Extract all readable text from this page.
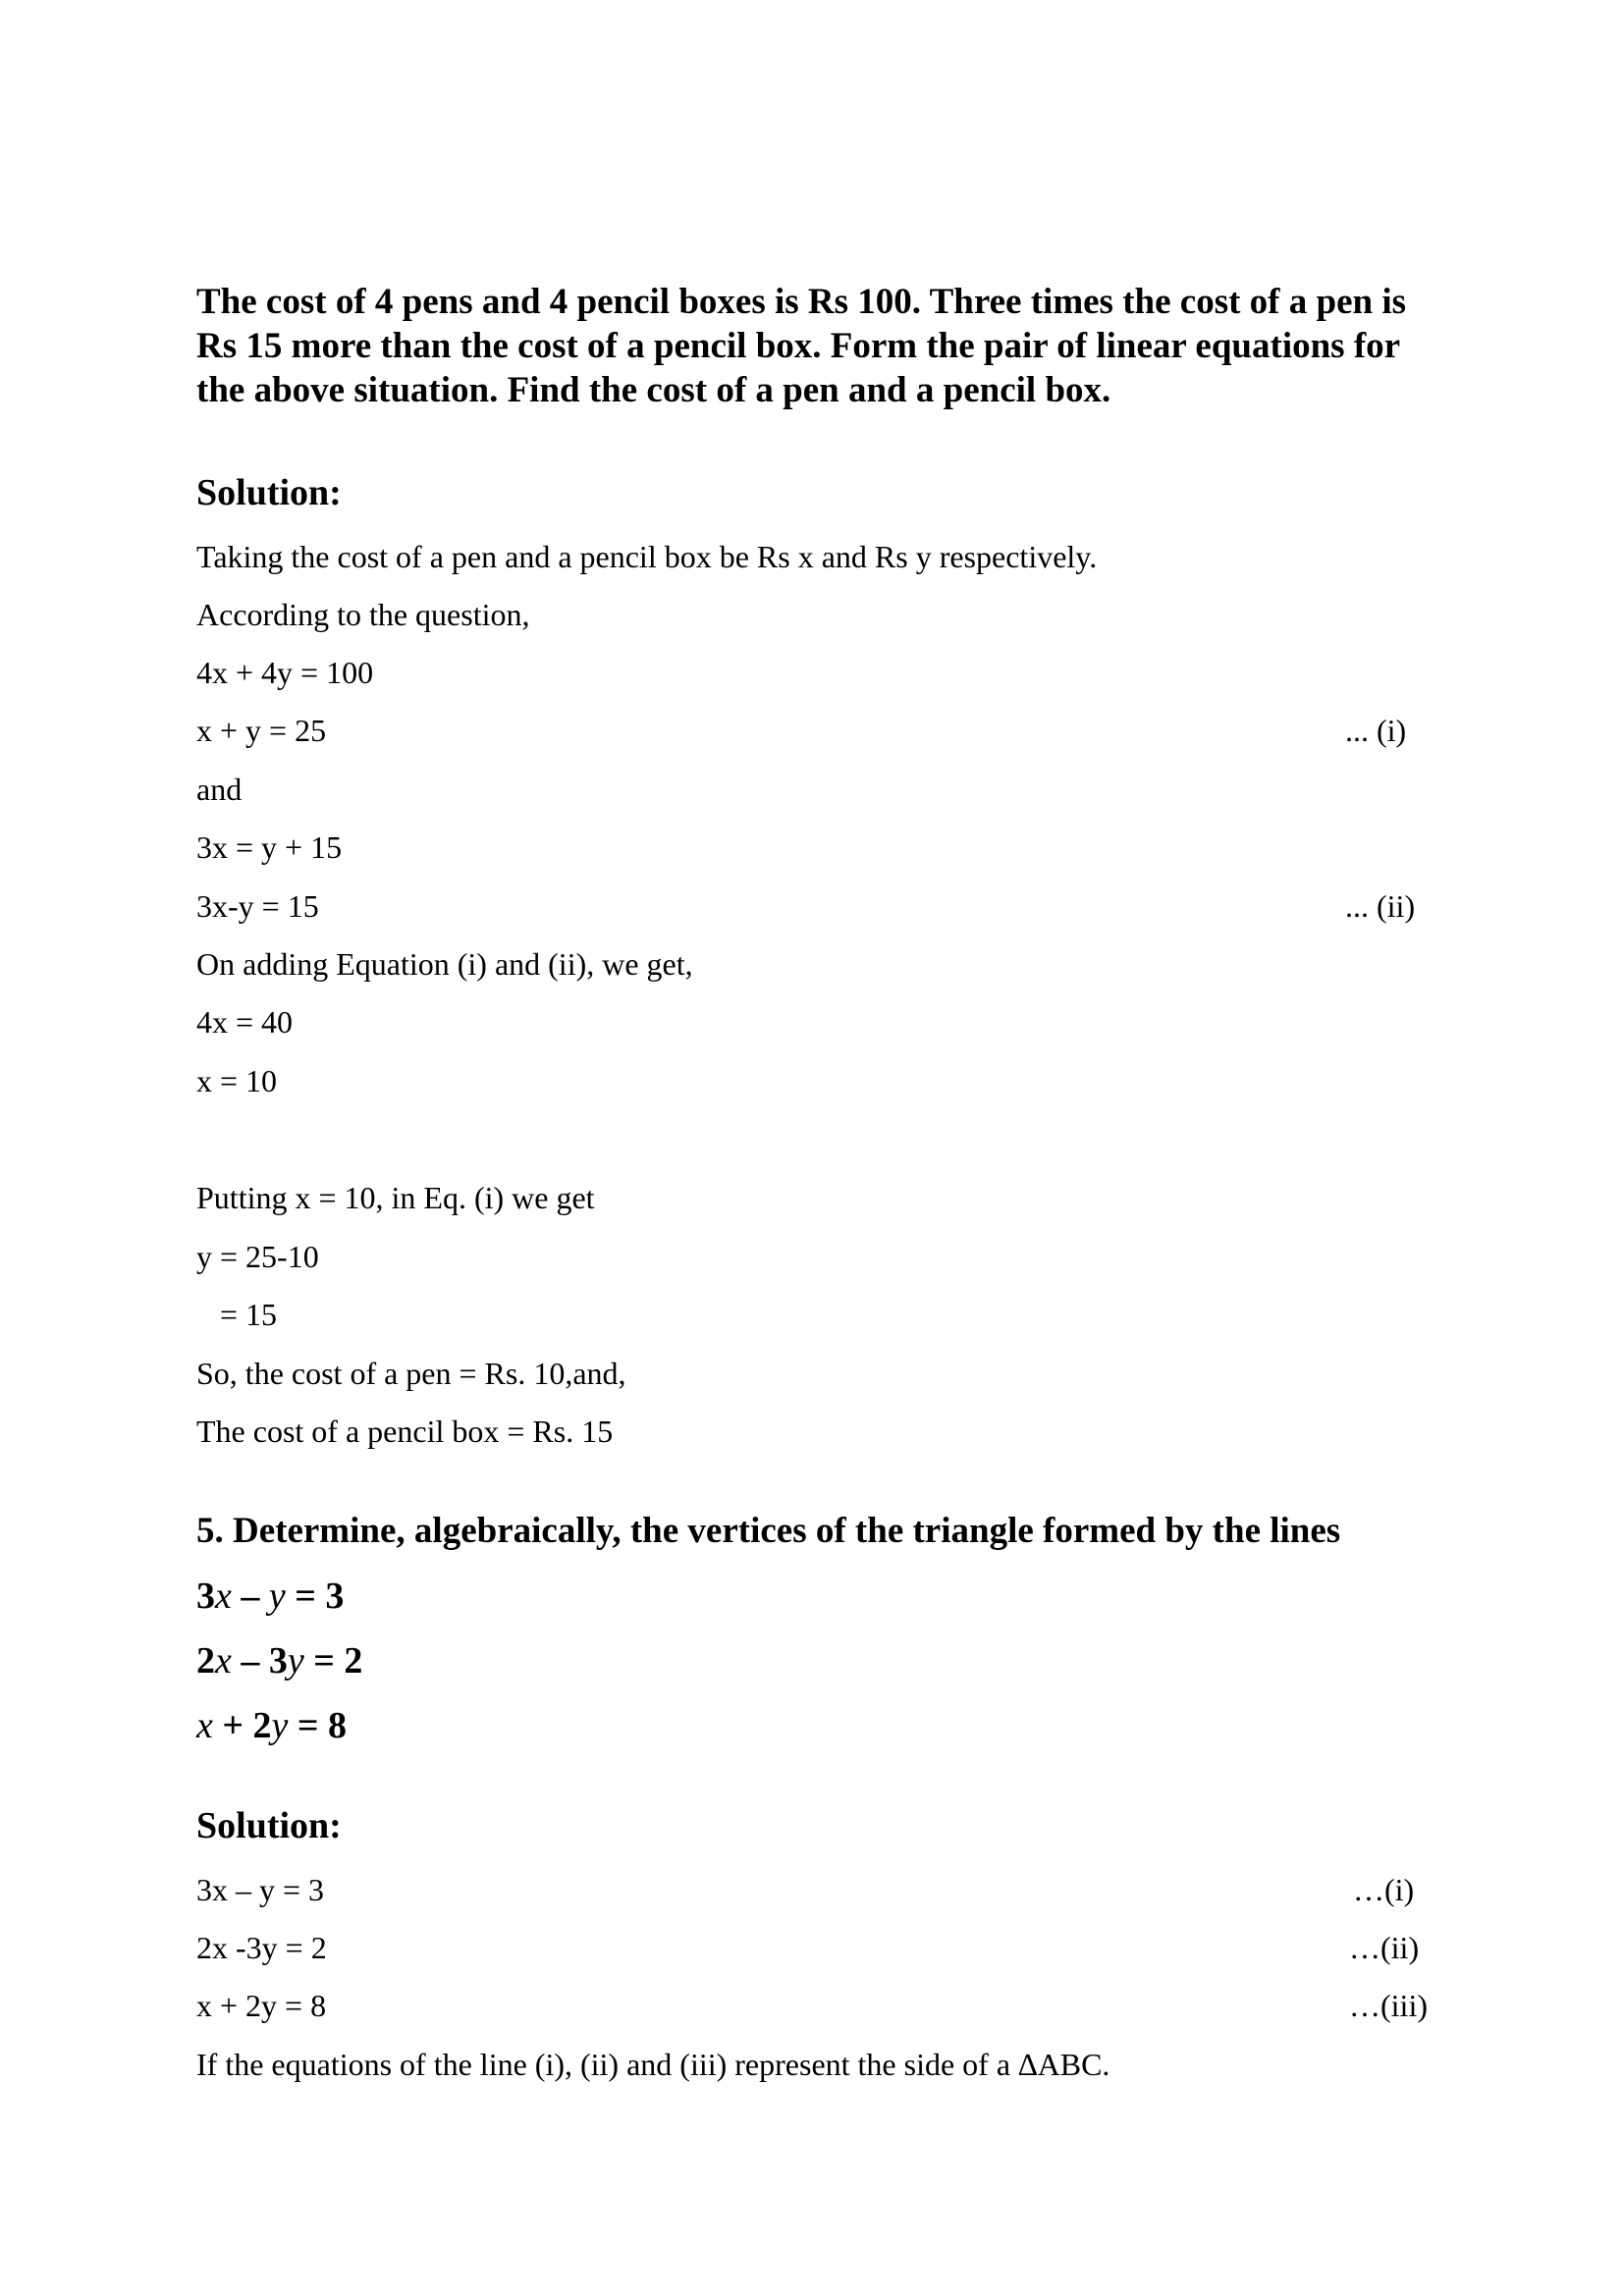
The cost of 4 pens and 4 pencil boxes is Rs 100. Three times the cost of a pen is Rs 15 more than the cost of a pencil box. Form the pair of linear equations for the above situation. Find the cost of a pen and a pencil box.
Solution:
Taking the cost of a pen and a pencil box be Rs x and Rs y respectively.
According to the question,
4x + 4y = 100
x + y = 25	... (i)
and
3x = y + 15
3x-y = 15	... (ii)
On adding Equation (i) and (ii), we get,
4x = 40
x = 10
Putting x = 10, in Eq. (i) we get
y = 25-10
= 15
So, the cost of a pen = Rs. 10,and,
The cost of a pencil box = Rs. 15
5. Determine, algebraically, the vertices of the triangle formed by the lines
3x – y = 3
2x – 3y = 2
x + 2y = 8
Solution:
3x – y = 3	…(i)
2x -3y = 2	…(ii)
x + 2y = 8	…(iii)
If the equations of the line (i), (ii) and (iii) represent the side of a ∆ABC.
